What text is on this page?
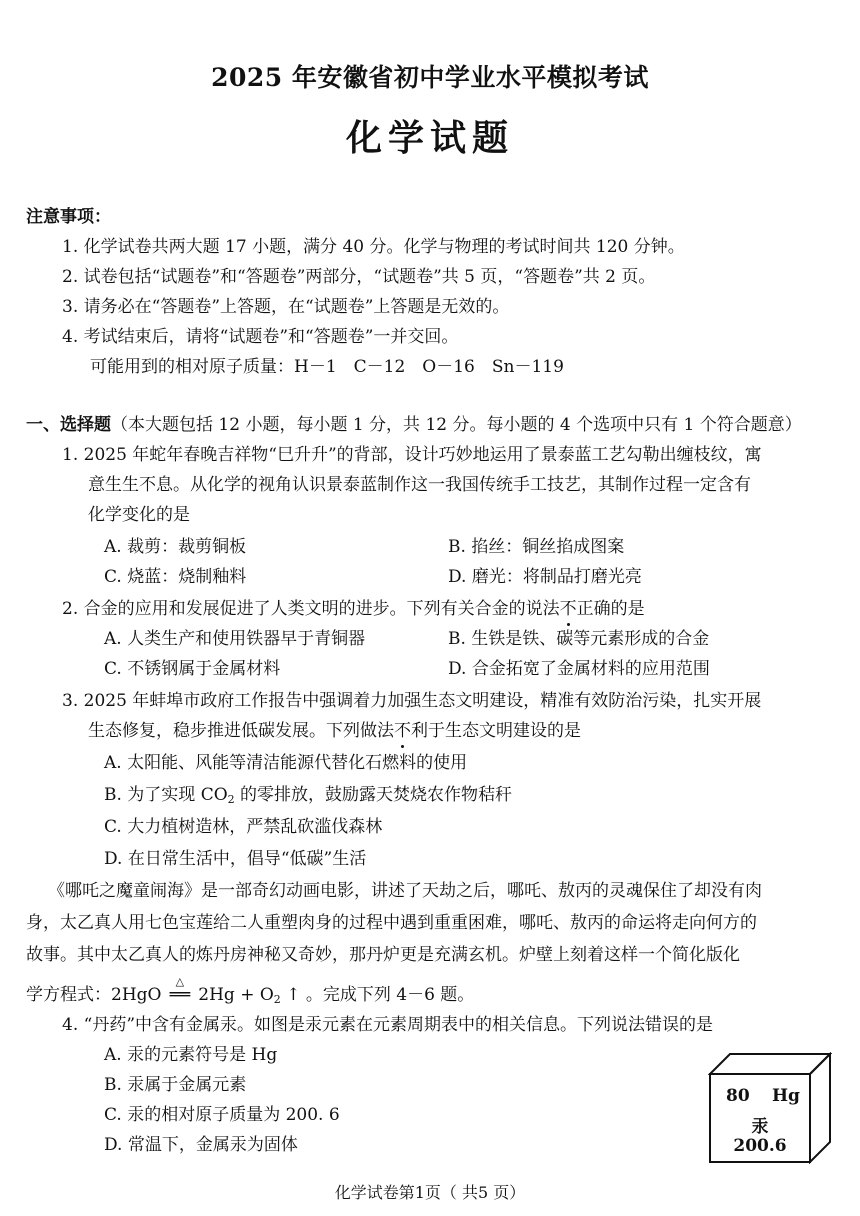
2025 年安徽省初中学业水平模拟考试
化学试题
注意事项：
1. 化学试卷共两大题 17 小题，满分 40 分。化学与物理的考试时间共 120 分钟。
2. 试卷包括“试题卷”和“答题卷”两部分，“试题卷”共 5 页，“答题卷”共 2 页。
3. 请务必在“答题卷”上答题，在“试题卷”上答题是无效的。
4. 考试结束后，请将“试题卷”和“答题卷”一并交回。
可能用到的相对原子质量：H－1　C－12　O－16　Sn－119
一、选择题（本大题包括 12 小题，每小题 1 分，共 12 分。每小题的 4 个选项中只有 1 个符合题意）
1. 2025 年蛇年春晚吉祥物“巳升升”的背部，设计巧妙地运用了景泰蓝工艺勾勒出缠枝纹，寓
意生生不息。从化学的视角认识景泰蓝制作这一我国传统手工技艺，其制作过程一定含有
化学变化的是
A. 裁剪：裁剪铜板	B. 掐丝：铜丝掐成图案
C. 烧蓝：烧制釉料	D. 磨光：将制品打磨光亮
2. 合金的应用和发展促进了人类文明的进步。下列有关合金的说法不正确的是
A. 人类生产和使用铁器早于青铜器	B. 生铁是铁、碳等元素形成的合金
C. 不锈钢属于金属材料	D. 合金拓宽了金属材料的应用范围
3. 2025 年蚌埠市政府工作报告中强调着力加强生态文明建设，精准有效防治污染，扎实开展
生态修复，稳步推进低碳发展。下列做法不利于生态文明建设的是
A. 太阳能、风能等清洁能源代替化石燃料的使用
B. 为了实现 $CO_2$ 的零排放，鼓励露天焚烧农作物秸秆
C. 大力植树造林，严禁乱砍滥伐森林
D. 在日常生活中，倡导“低碳”生活
《哪吒之魔童闹海》是一部奇幻动画电影，讲述了天劫之后，哪吒、敖丙的灵魂保住了却没有肉
身，太乙真人用七色宝莲给二人重塑肉身的过程中遇到重重困难，哪吒、敖丙的命运将走向何方的
故事。其中太乙真人的炼丹房神秘又奇妙，那丹炉更是充满玄机。炉壁上刻着这样一个简化版化
学方程式：2HgO
△
══ $2Hg + O_2$ ↑ 。完成下列 4－6 题。
4. “丹药”中含有金属汞。如图是汞元素在元素周期表中的相关信息。下列说法错误的是
A. 汞的元素符号是 Hg
B. 汞属于金属元素
C. 汞的相对原子质量为 200. 6
D. 常温下，金属汞为固体
80 Hg
汞
200.6
化学试卷第1页（ 共5 页）
